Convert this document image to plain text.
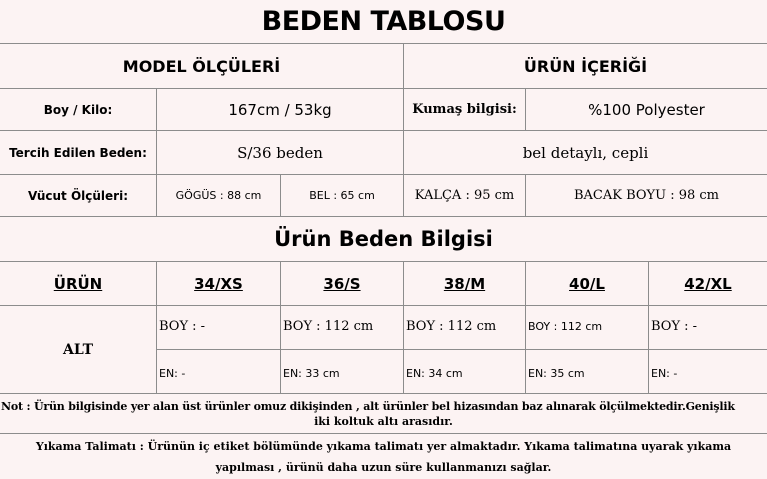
BEDEN TABLOSU
MODEL ÖLÇÜLERİ	ÜRÜN İÇERİĞİ
Boy / Kilo:	167cm / 53kg	Kumaş bilgisi:	%100 Polyester
Tercih Edilen Beden:	S/36 beden	bel detaylı, cepli
Vücut Ölçüleri:	GÖGÜS : 88 cm	BEL : 65 cm	KALÇA : 95 cm	BACAK BOYU : 98 cm
Ürün Beden Bilgisi
ÜRÜN	34/XS	36/S	38/M	40/L	42/XL
ALT
BOY : -	BOY : 112 cm	BOY : 112 cm	BOY : 112 cm	BOY : -
EN: -	EN: 33 cm	EN: 34 cm	EN: 35 cm	EN: -
Not : Ürün bilgisinde yer alan üst ürünler omuz dikişinden , alt ürünler bel hizasından baz alınarak ölçülmektedir.Genişlik
iki koltuk altı arasıdır.
Yıkama Talimatı : Ürünün iç etiket bölümünde yıkama talimatı yer almaktadır. Yıkama talimatına uyarak yıkama
yapılması , ürünü daha uzun süre kullanmanızı sağlar.
